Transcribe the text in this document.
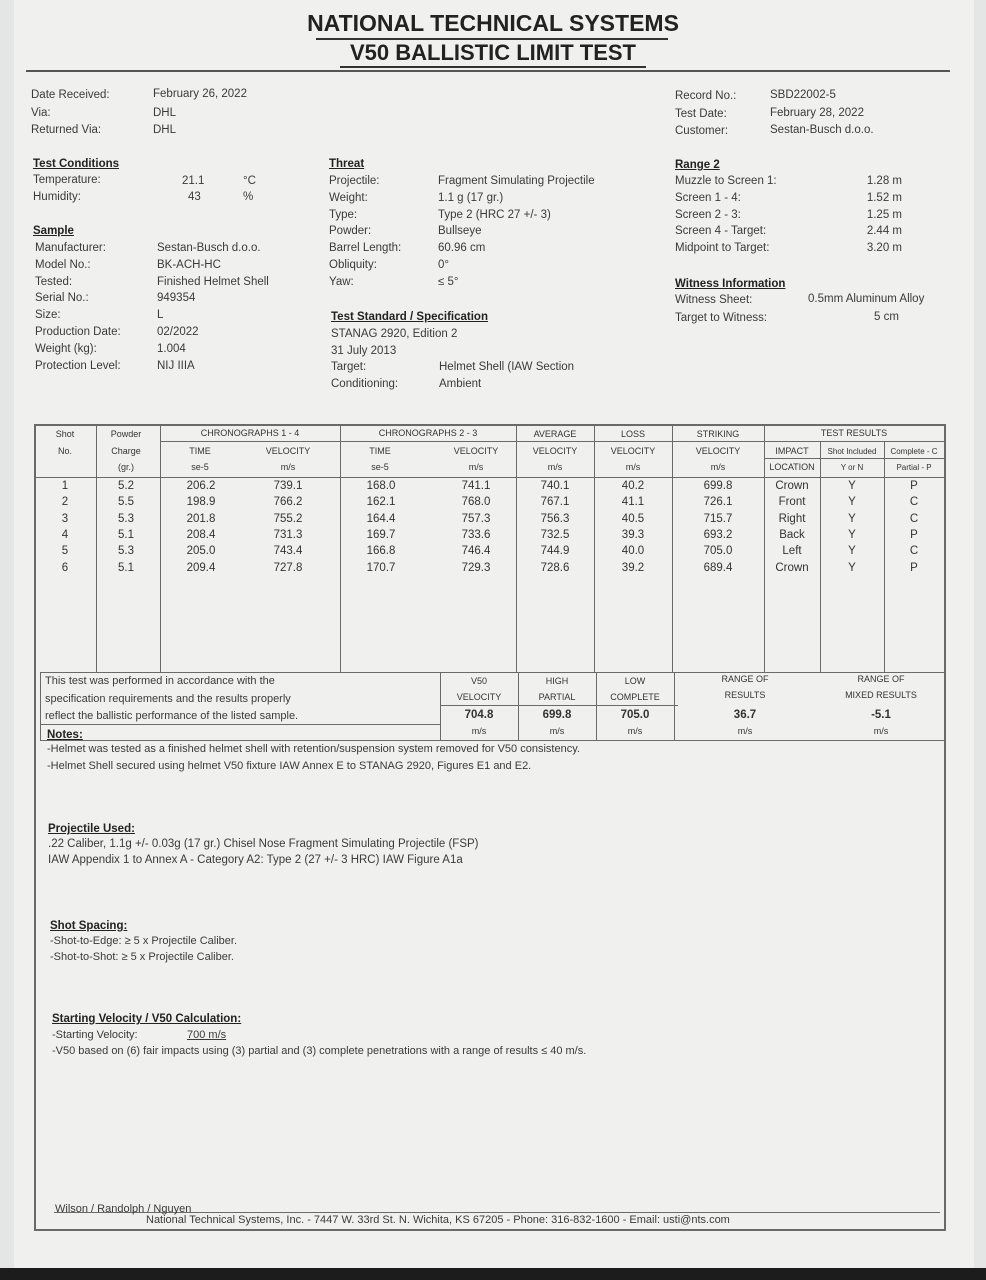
NATIONAL TECHNICAL SYSTEMS
V50 BALLISTIC LIMIT TEST
Date Received:	February 26, 2022
Via:	DHL
Returned Via:	DHL
Record No.:	SBD22002-5
Test Date:	February 28, 2022
Customer:	Sestan-Busch d.o.o.
Test Conditions
Temperature:	21.1	°C
Humidity:	43	%
Sample
Manufacturer:	Sestan-Busch d.o.o.
Model No.:	BK-ACH-HC
Tested:	Finished Helmet Shell
Serial No.:	949354
Size:	L
Production Date:	02/2022
Weight (kg):	1.004
Protection Level:	NIJ IIIA
Threat
Projectile:	Fragment Simulating Projectile
Weight:	1.1 g (17 gr.)
Type:	Type 2 (HRC 27 +/- 3)
Powder:	Bullseye
Barrel Length:	60.96 cm
Obliquity:	0°
Yaw:	≤ 5°
Test Standard / Specification
STANAG 2920, Edition 2
31 July 2013
Target:	Helmet Shell (IAW Section
Conditioning:	Ambient
Range 2
Muzzle to Screen 1:	1.28 m
Screen 1 - 4:	1.52 m
Screen 2 - 3:	1.25 m
Screen 4 - Target:	2.44 m
Midpoint to Target:	3.20 m
Witness Information
Witness Sheet:	0.5mm Aluminum Alloy
Target to Witness:	5 cm
Shot
No.
Powder
Charge
(gr.)
CHRONOGRAPHS 1 - 4	CHRONOGRAPHS 2 - 3
TIME
se-5
VELOCITY
m/s
TIME
se-5
VELOCITY
m/s
AVERAGE
VELOCITY
m/s
LOSS
VELOCITY
m/s
STRIKING
VELOCITY
m/s
TEST RESULTS
IMPACT
LOCATION
Shot Included
Y or N
Complete - C
Partial - P
1	5.2	206.2	739.1	168.0	741.1	740.1	40.2	699.8	Crown	Y	P
2	5.5	198.9	766.2	162.1	768.0	767.1	41.1	726.1	Front	Y	C
3	5.3	201.8	755.2	164.4	757.3	756.3	40.5	715.7	Right	Y	C
4	5.1	208.4	731.3	169.7	733.6	732.5	39.3	693.2	Back	Y	P
5	5.3	205.0	743.4	166.8	746.4	744.9	40.0	705.0	Left	Y	C
6	5.1	209.4	727.8	170.7	729.3	728.6	39.2	689.4	Crown	Y	P
This test was performed in accordance with the
specification requirements and the results properly
reflect the ballistic performance of the listed sample.
V50
VELOCITY
704.8
m/s
HIGH
PARTIAL
699.8
m/s
LOW
COMPLETE
705.0
m/s
RANGE OF
RESULTS
36.7
m/s
RANGE OF
MIXED RESULTS
-5.1
m/s
Notes:
-Helmet was tested as a finished helmet shell with retention/suspension system removed for V50 consistency.
-Helmet Shell secured using helmet V50 fixture IAW Annex E to STANAG 2920, Figures E1 and E2.
Projectile Used:
.22 Caliber, 1.1g +/- 0.03g (17 gr.) Chisel Nose Fragment Simulating Projectile (FSP)
IAW Appendix 1 to Annex A - Category A2: Type 2 (27 +/- 3 HRC) IAW Figure A1a
Shot Spacing:
-Shot-to-Edge: ≥ 5 x Projectile Caliber.
-Shot-to-Shot: ≥ 5 x Projectile Caliber.
Starting Velocity / V50 Calculation:
-Starting Velocity:	700 m/s
-V50 based on (6) fair impacts using (3) partial and (3) complete penetrations with a range of results ≤ 40 m/s.
Wilson / Randolph / Nguyen
National Technical Systems, Inc. - 7447 W. 33rd St. N. Wichita, KS 67205 - Phone: 316-832-1600 - Email: usti@nts.com
